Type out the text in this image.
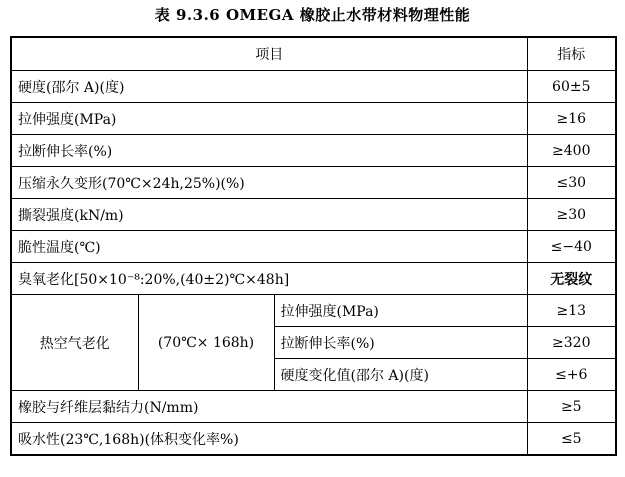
表 9.3.6 OMEGA 橡胶止水带材料物理性能
项目			指标
硬度(邵尔 A)(度)			60±5
拉伸强度(MPa)			≥16
拉断伸长率(%)			≥400
压缩永久变形(70℃×24h,25%)(%)			≤30
撕裂强度(kN/m)			≥30
脆性温度(℃)			≤−40
臭氧老化[50×10⁻⁸:20%,(40±2)℃×48h]			无裂纹
热空气老化	(70℃× 168h)	拉伸强度(MPa)	≥13
		拉断伸长率(%)	≥320
		硬度变化值(邵尔 A)(度)	≤+6
橡胶与纤维层黏结力(N/mm)			≥5
吸水性(23℃,168h)(体积变化率%)			≤5
